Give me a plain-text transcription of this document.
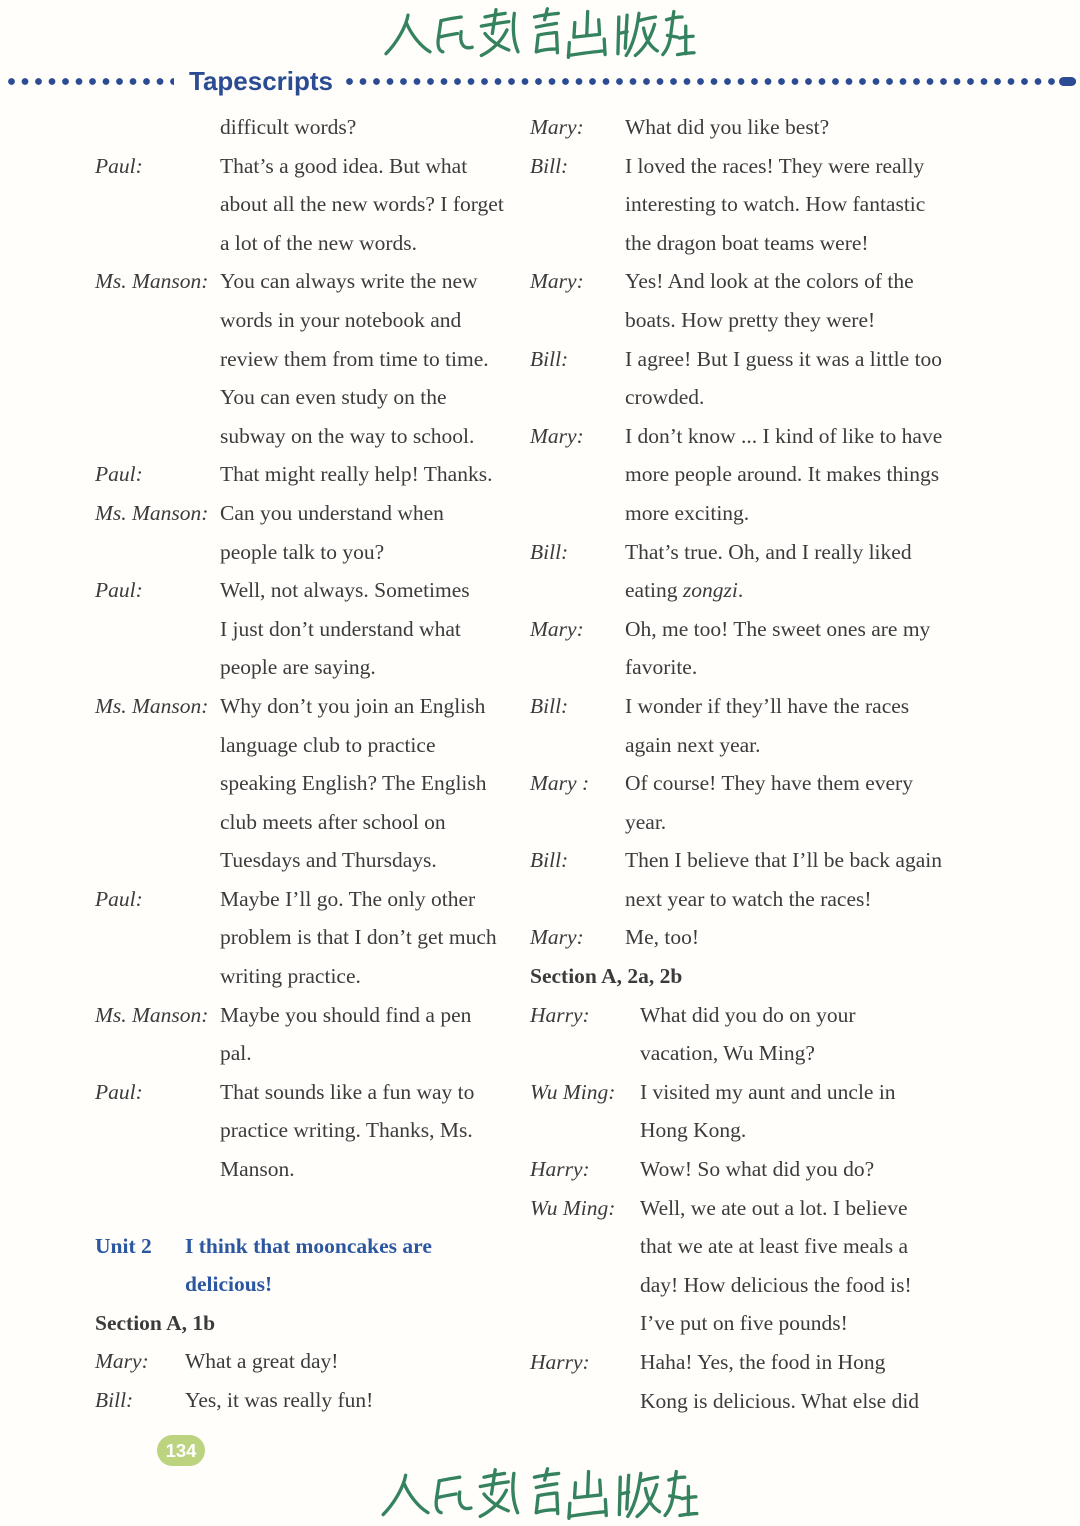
Tapescripts
difficult words?
Paul:	That’s a good idea. But what
about all the new words? I forget
a lot of the new words.
Ms. Manson: You can always write the new
words in your notebook and
review them from time to time.
You can even study on the
subway on the way to school.
Paul:	That might really help! Thanks.
Ms. Manson: Can you understand when
people talk to you?
Paul:	Well, not always. Sometimes
I just don’t understand what
people are saying.
Ms. Manson: Why don’t you join an English
language club to practice
speaking English? The English
club meets after school on
Tuesdays and Thursdays.
Paul:	Maybe I’ll go. The only other
problem is that I don’t get much
writing practice.
Ms. Manson: Maybe you should find a pen
pal.
Paul:	That sounds like a fun way to
practice writing. Thanks, Ms.
Manson.
Unit 2	I think that mooncakes are
delicious!
Section A, 1b
Mary:	What a great day!
Bill:	Yes, it was really fun!
Mary:	What did you like best?
Bill:	I loved the races! They were really
interesting to watch. How fantastic
the dragon boat teams were!
Mary:	Yes! And look at the colors of the
boats. How pretty they were!
Bill:	I agree! But I guess it was a little too
crowded.
Mary:	I don’t know ... I kind of like to have
more people around. It makes things
more exciting.
Bill:	That’s true. Oh, and I really liked
eating zongzi.
Mary:	Oh, me too! The sweet ones are my
favorite.
Bill:	I wonder if they’ll have the races
again next year.
Mary :	Of course! They have them every
year.
Bill:	Then I believe that I’ll be back again
next year to watch the races!
Mary:	Me, too!
Section A, 2a, 2b
Harry:	What did you do on your
vacation, Wu Ming?
Wu Ming:	I visited my aunt and uncle in
Hong Kong.
Harry:	Wow! So what did you do?
Wu Ming:	Well, we ate out a lot. I believe
that we ate at least five meals a
day! How delicious the food is!
I’ve put on five pounds!
Harry:	Haha! Yes, the food in Hong
Kong is delicious. What else did
134
